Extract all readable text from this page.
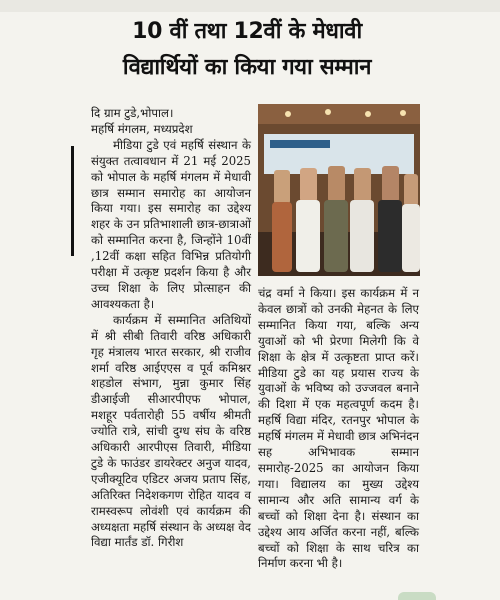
10 वीं तथा 12वीं के मेधावी
विद्यार्थियों का किया गया सम्मान

दि ग्राम टुडे,भोपाल।

महर्षि मंगलम, मध्यप्रदेश

मीडिया टुडे एवं महर्षि संस्थान के संयुक्त तत्वावधान में 21 मई 2025 को भोपाल के महर्षि मंगलम में मेधावी छात्र सम्मान समारोह का आयोजन किया गया। इस समारोह का उद्देश्य शहर के उन प्रतिभाशाली छात्र-छात्राओं को सम्मानित करना है, जिन्होंने 10वीं ,12वीं कक्षा सहित विभिन्न प्रतियोगी परीक्षा में उत्कृष्ट प्रदर्शन किया है और उच्च शिक्षा के लिए प्रोत्साहन की आवश्यकता है।

कार्यक्रम में सम्मानित अतिथियों में श्री सीबी तिवारी वरिष्ठ अधिकारी गृह मंत्रालय भारत सरकार, श्री राजीव शर्मा वरिष्ठ आईएएस व पूर्व कमिश्नर शहडोल संभाग, मुन्ना कुमार सिंह डीआईजी सीआरपीएफ भोपाल, मशहूर पर्वतारोही 55 वर्षीय श्रीमती ज्योति रात्रे, सांची दुग्ध संघ के वरिष्ठ अधिकारी आरपीएस तिवारी, मीडिया टुडे के फाउंडर डायरेक्टर अनुज यादव, एजीक्यूटिव एडिटर अजय प्रताप सिंह, अतिरिक्त निदेशकगण रोहित यादव व रामस्वरूप लोवंशी एवं कार्यक्रम की अध्यक्षता महर्षि संस्थान के अध्यक्ष वेद विद्या मार्तंड डॉ. गिरीश

चंद्र वर्मा ने किया। इस कार्यक्रम में न केवल छात्रों को उनकी मेहनत के लिए सम्मानित किया गया, बल्कि अन्य युवाओं को भी प्रेरणा मिलेगी कि वे शिक्षा के क्षेत्र में उत्कृष्टता प्राप्त करें। मीडिया टुडे का यह प्रयास राज्य के युवाओं के भविष्य को उज्जवल बनाने की दिशा में एक महत्वपूर्ण कदम है।महर्षि विद्या मंदिर, रतनपुर भोपाल के महर्षि मंगलम में मेधावी छात्र अभिनंदन सह अभिभावक सम्मान समारोह-2025 का आयोजन किया गया। विद्यालय का मुख्य उद्देश्य सामान्य और अति सामान्य वर्ग के बच्चों को शिक्षा देना है। संस्थान का उद्देश्य आय अर्जित करना नहीं, बल्कि बच्चों को शिक्षा के साथ चरित्र का निर्माण करना भी है।
